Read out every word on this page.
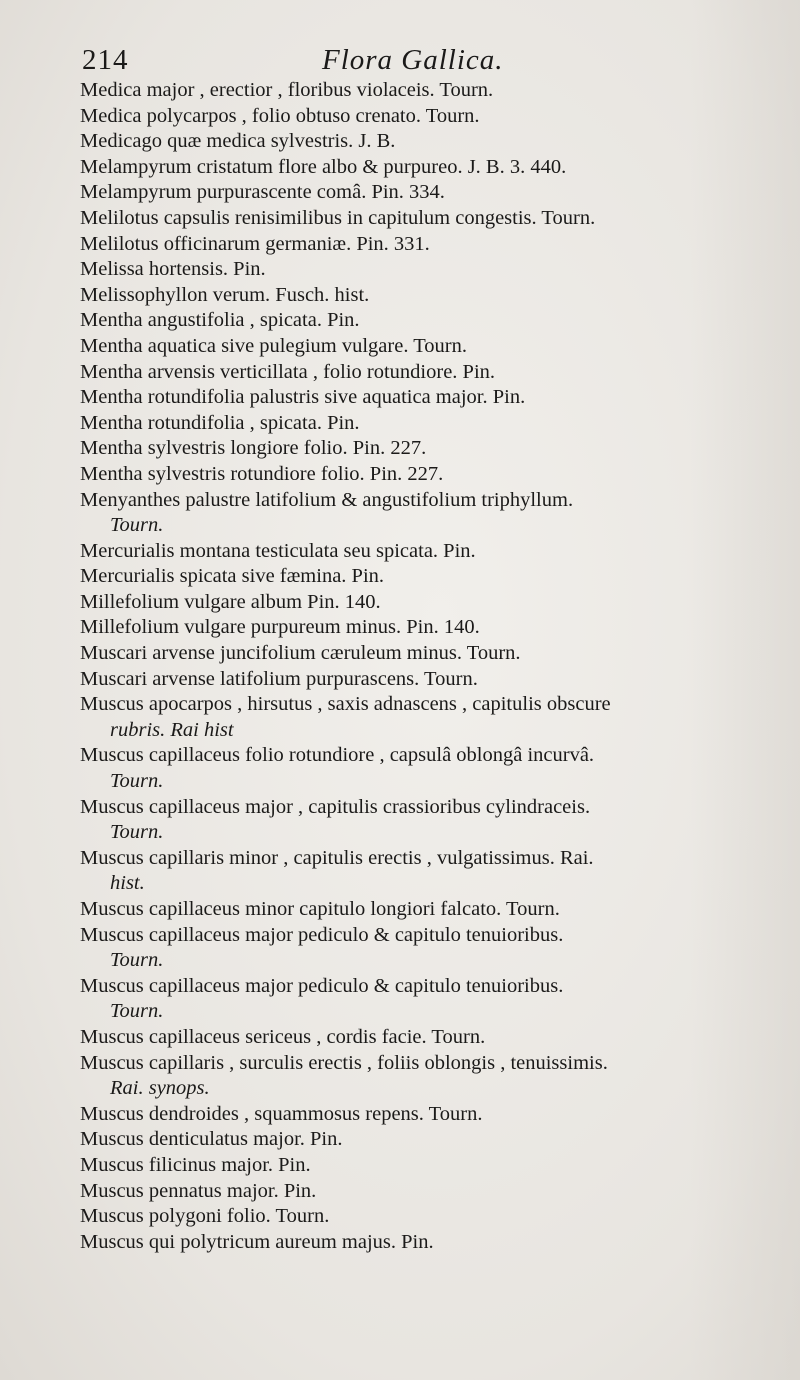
214	Flora Gallica.
Medica major , erectior , floribus violaceis. Tourn.
Medica polycarpos , folio obtuso crenato. Tourn.
Medicago quæ medica sylvestris. J. B.
Melampyrum cristatum flore albo & purpureo. J. B. 3. 440.
Melampyrum purpurascente comâ. Pin. 334.
Melilotus capsulis renisimilibus in capitulum congestis. Tourn.
Melilotus officinarum germaniæ. Pin. 331.
Melissa hortensis. Pin.
Melissophyllon verum. Fusch. hist.
Mentha angustifolia , spicata. Pin.
Mentha aquatica sive pulegium vulgare. Tourn.
Mentha arvensis verticillata , folio rotundiore. Pin.
Mentha rotundifolia palustris sive aquatica major. Pin.
Mentha rotundifolia , spicata. Pin.
Mentha sylvestris longiore folio. Pin. 227.
Mentha sylvestris rotundiore folio. Pin. 227.
Menyanthes palustre latifolium & angustifolium triphyllum.
Tourn.
Mercurialis montana testiculata seu spicata. Pin.
Mercurialis spicata sive fæmina. Pin.
Millefolium vulgare album Pin. 140.
Millefolium vulgare purpureum minus. Pin. 140.
Muscari arvense juncifolium cæruleum minus. Tourn.
Muscari arvense latifolium purpurascens. Tourn.
Muscus apocarpos , hirsutus , saxis adnascens , capitulis obscure
rubris. Rai hist
Muscus capillaceus folio rotundiore , capsulâ oblongâ incurvâ.
Tourn.
Muscus capillaceus major , capitulis crassioribus cylindraceis.
Tourn.
Muscus capillaris minor , capitulis erectis , vulgatissimus. Rai.
hist.
Muscus capillaceus minor capitulo longiori falcato. Tourn.
Muscus capillaceus major pediculo & capitulo tenuioribus.
Tourn.
Muscus capillaceus major pediculo & capitulo tenuioribus.
Tourn.
Muscus capillaceus sericeus , cordis facie. Tourn.
Muscus capillaris , surculis erectis , foliis oblongis , tenuissimis.
Rai. synops.
Muscus dendroides , squammosus repens. Tourn.
Muscus denticulatus major. Pin.
Muscus filicinus major. Pin.
Muscus pennatus major. Pin.
Muscus polygoni folio. Tourn.
Muscus qui polytricum aureum majus. Pin.
